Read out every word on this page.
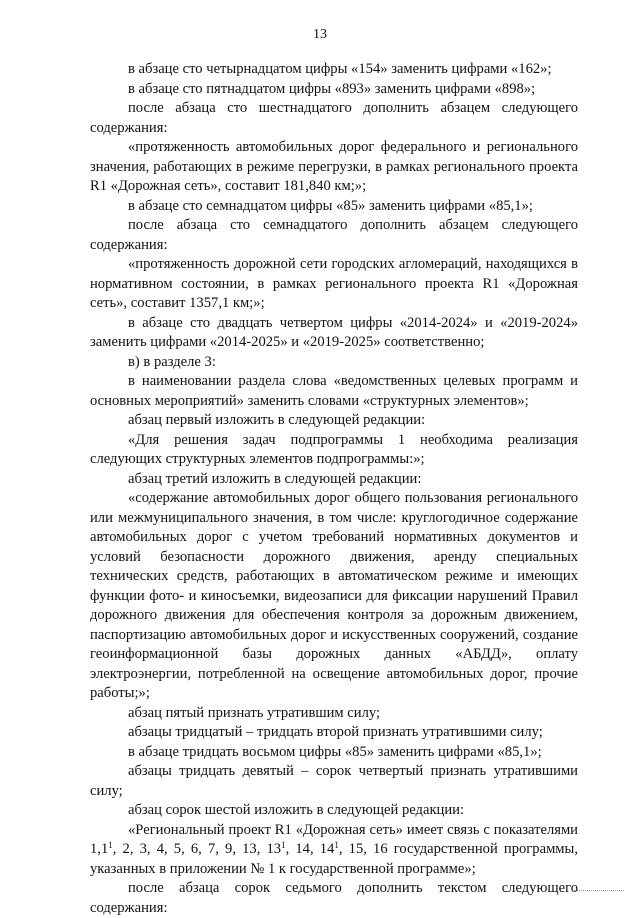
13

в абзаце сто четырнадцатом цифры «154» заменить цифрами «162»;

в абзаце сто пятнадцатом цифры «893» заменить цифрами «898»;

после абзаца сто шестнадцатого дополнить абзацем следующего содержания:

«протяженность автомобильных дорог федерального и регионального значения, работающих в режиме перегрузки, в рамках регионального проекта R1 «Дорожная сеть», составит 181,840 км;»;

в абзаце сто семнадцатом цифры «85» заменить цифрами «85,1»;

после абзаца сто семнадцатого дополнить абзацем следующего содержания:

«протяженность дорожной сети городских агломераций, находящихся в нормативном состоянии, в рамках регионального проекта R1 «Дорожная сеть», составит 1357,1 км;»;

в абзаце сто двадцать четвертом цифры «2014-2024» и «2019-2024» заменить цифрами «2014-2025» и «2019-2025» соответственно;

в) в разделе 3:

в наименовании раздела слова «ведомственных целевых программ и основных мероприятий» заменить словами «структурных элементов»;

абзац первый изложить в следующей редакции:

«Для решения задач подпрограммы 1 необходима реализация следующих структурных элементов подпрограммы:»;

абзац третий изложить в следующей редакции:

«содержание автомобильных дорог общего пользования регионального или межмуниципального значения, в том числе: круглогодичное содержание автомобильных дорог с учетом требований нормативных документов и условий безопасности дорожного движения, аренду специальных технических средств, работающих в автоматическом режиме и имеющих функции фото- и киносъемки, видеозаписи для фиксации нарушений Правил дорожного движения для обеспечения контроля за дорожным движением, паспортизацию автомобильных дорог и искусственных сооружений, создание геоинформационной базы дорожных данных «АБДД», оплату электроэнергии, потребленной на освещение автомобильных дорог, прочие работы;»;

абзац пятый признать утратившим силу;

абзацы тридцатый – тридцать второй признать утратившими силу;

в абзаце тридцать восьмом цифры «85» заменить цифрами «85,1»;

абзацы тридцать девятый – сорок четвертый признать утратившими силу;

абзац сорок шестой изложить в следующей редакции:

«Региональный проект R1 «Дорожная сеть» имеет связь с показателями $1,1^1$, 2, 3, 4, 5, 6, 7, 9, 13, $13^1$, 14, $14^1$, 15, 16 государственной программы, указанных в приложении № 1 к государственной программе»;

после абзаца сорок седьмого дополнить текстом следующего содержания:
